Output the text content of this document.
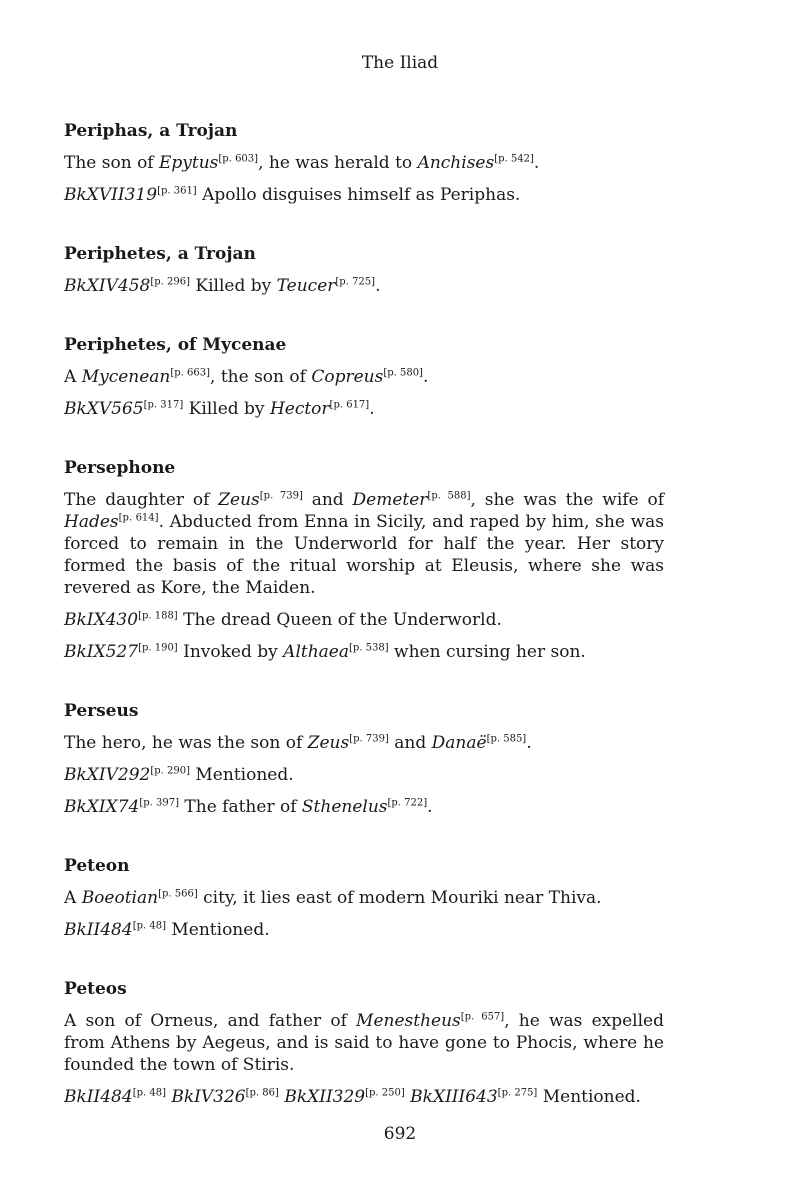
The Iliad
Periphas, a Trojan

The son of Epytus[p. 603], he was herald to Anchises[p. 542].

BkXVII319[p. 361] Apollo disguises himself as Periphas.

Periphetes, a Trojan

BkXIV458[p. 296] Killed by Teucer[p. 725].

Periphetes, of Mycenae

A Mycenean[p. 663], the son of Copreus[p. 580].

BkXV565[p. 317] Killed by Hector[p. 617].

Persephone

The daughter of Zeus[p. 739] and Demeter[p. 588], she was the wife of Hades[p. 614]. Abducted from Enna in Sicily, and raped by him, she was forced to remain in the Underworld for half the year. Her story formed the basis of the ritual worship at Eleusis, where she was revered as Kore, the Maiden.

BkIX430[p. 188] The dread Queen of the Underworld.

BkIX527[p. 190] Invoked by Althaea[p. 538] when cursing her son.

Perseus

The hero, he was the son of Zeus[p. 739] and Danaë[p. 585].

BkXIV292[p. 290] Mentioned.

BkXIX74[p. 397] The father of Sthenelus[p. 722].

Peteon

A Boeotian[p. 566] city, it lies east of modern Mouriki near Thiva.

BkII484[p. 48] Mentioned.

Peteos

A son of Orneus, and father of Menestheus[p. 657], he was expelled from Athens by Aegeus, and is said to have gone to Phocis, where he founded the town of Stiris.

BkII484[p. 48] BkIV326[p. 86] BkXII329[p. 250] BkXIII643[p. 275] Mentioned.

692
